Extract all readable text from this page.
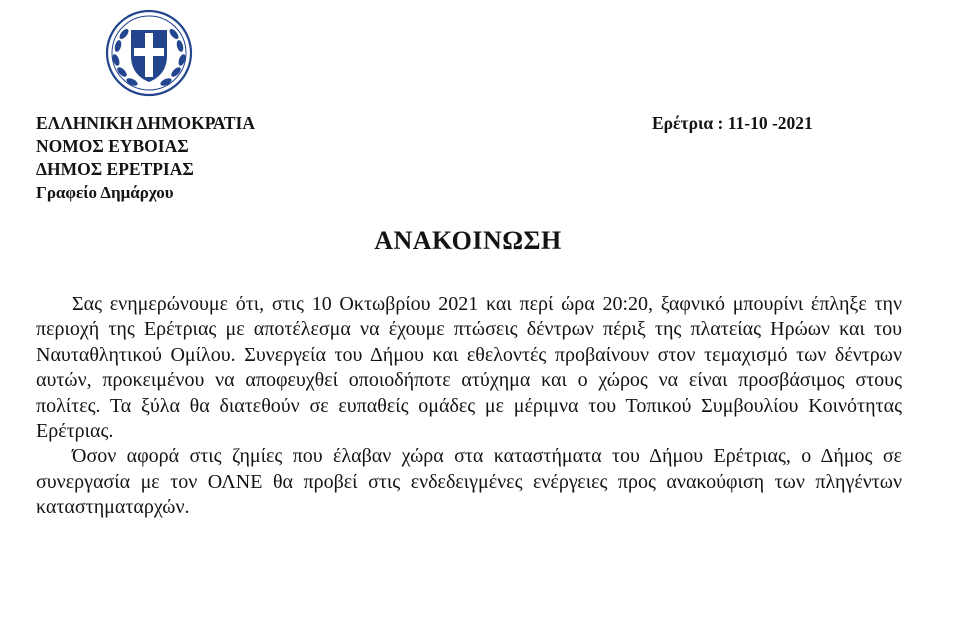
ΕΛΛΗΝΙΚΗ ΔΗΜΟΚΡΑΤΙΑ
ΝΟΜΟΣ ΕΥΒΟΙΑΣ
ΔΗΜΟΣ ΕΡΕΤΡΙΑΣ
Γραφείο Δημάρχου
Ερέτρια : 11-10 -2021
ΑΝΑΚΟΙΝΩΣΗ

Σας ενημερώνουμε ότι, στις 10 Οκτωβρίου 2021 και περί ώρα 20:20, ξαφνικό μπουρίνι έπληξε την περιοχή της Ερέτριας με αποτέλεσμα να έχουμε πτώσεις δέντρων πέριξ της πλατείας Ηρώων και του Ναυταθλητικού Ομίλου. Συνεργεία του Δήμου και εθελοντές προβαίνουν στον τεμαχισμό των δέντρων αυτών, προκειμένου να αποφευχθεί οποιοδήποτε ατύχημα και ο χώρος να είναι προσβάσιμος στους πολίτες. Τα ξύλα θα διατεθούν σε ευπαθείς ομάδες με μέριμνα του Τοπικού Συμβουλίου Κοινότητας Ερέτριας.

Όσον αφορά στις ζημίες που έλαβαν χώρα στα καταστήματα του Δήμου Ερέτριας, ο Δήμος σε συνεργασία με τον ΟΛΝΕ θα προβεί στις ενδεδειγμένες ενέργειες προς ανακούφιση των πληγέντων καταστηματαρχών.
